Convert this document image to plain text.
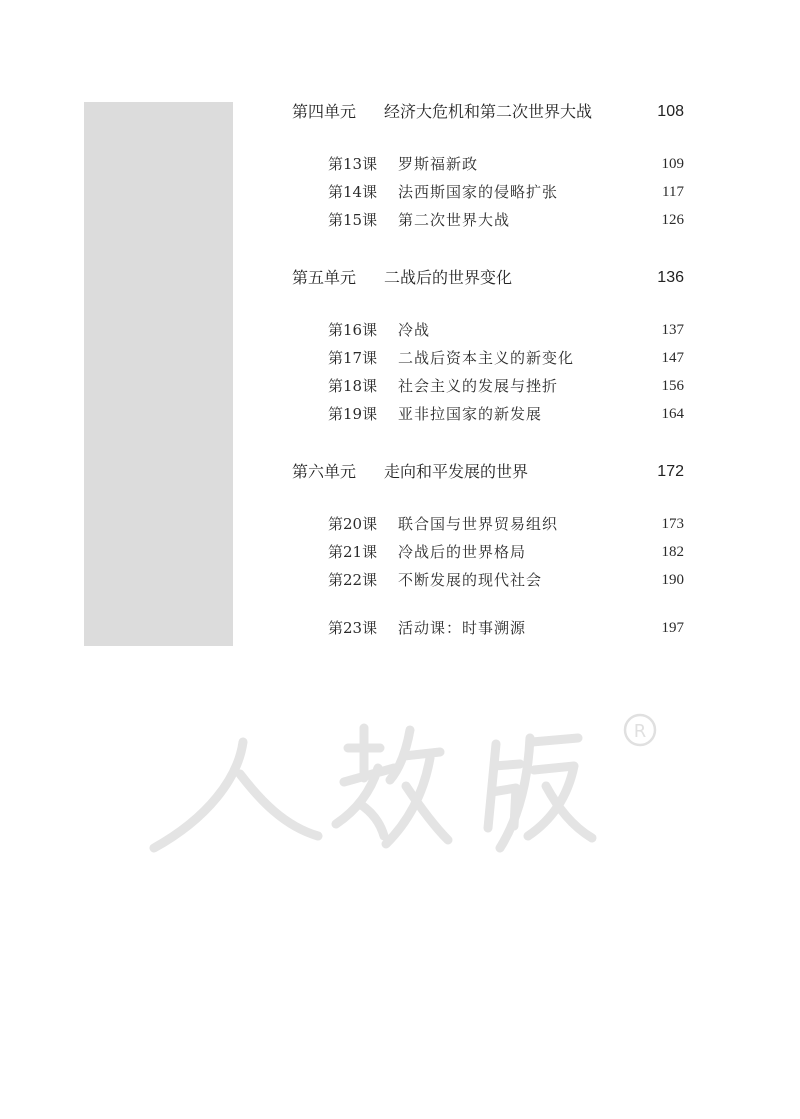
第四单元 经济大危机和第二次世界大战	108
第13课 罗斯福新政	109
第14课 法西斯国家的侵略扩张	117
第15课 第二次世界大战	126
第五单元 二战后的世界变化	136
第16课 冷战	137
第17课 二战后资本主义的新变化	147
第18课 社会主义的发展与挫折	156
第19课 亚非拉国家的新发展	164
第六单元 走向和平发展的世界	172
第20课 联合国与世界贸易组织	173
第21课 冷战后的世界格局	182
第22课 不断发展的现代社会	190
第23课 活动课：时事溯源	197
R
